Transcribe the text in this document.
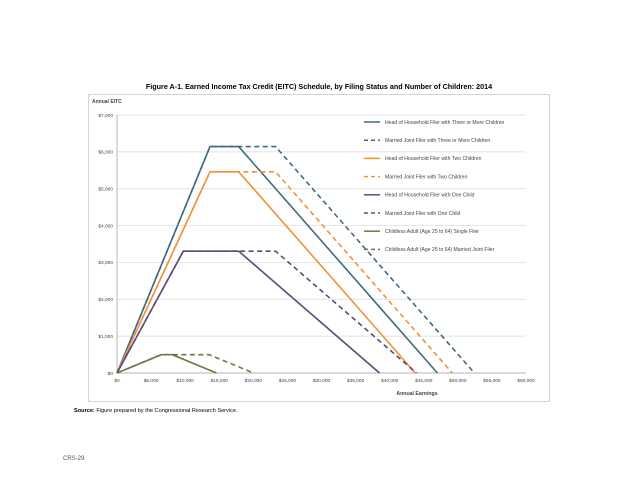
Figure A-1. Earned Income Tax Credit (EITC) Schedule, by Filing Status and Number of Children: 2014
$0
$1,000
$2,000
$3,000
$4,000
$5,000
$6,000
$7,000
$0	$5,000	$10,000	$15,000	$20,000	$25,000	$30,000	$35,000	$40,000	$45,000	$50,000	$55,000	$60,000
Head of Household Filer with Three or More Children
Married Joint Filer with Three or More Children
Head of Household Filer with Two Children
Married Joint Filer with Two Children
Head of Household Filer with One Child
Married Joint Filer with One Child
Childless Adult (Age 25 to 64) Single Filer
Childless Adult (Age 25 to 64) Married Joint Filer
Annual EITC
Annual Earnings
Source: Figure prepared by the Congressional Research Service.
CRS-29
